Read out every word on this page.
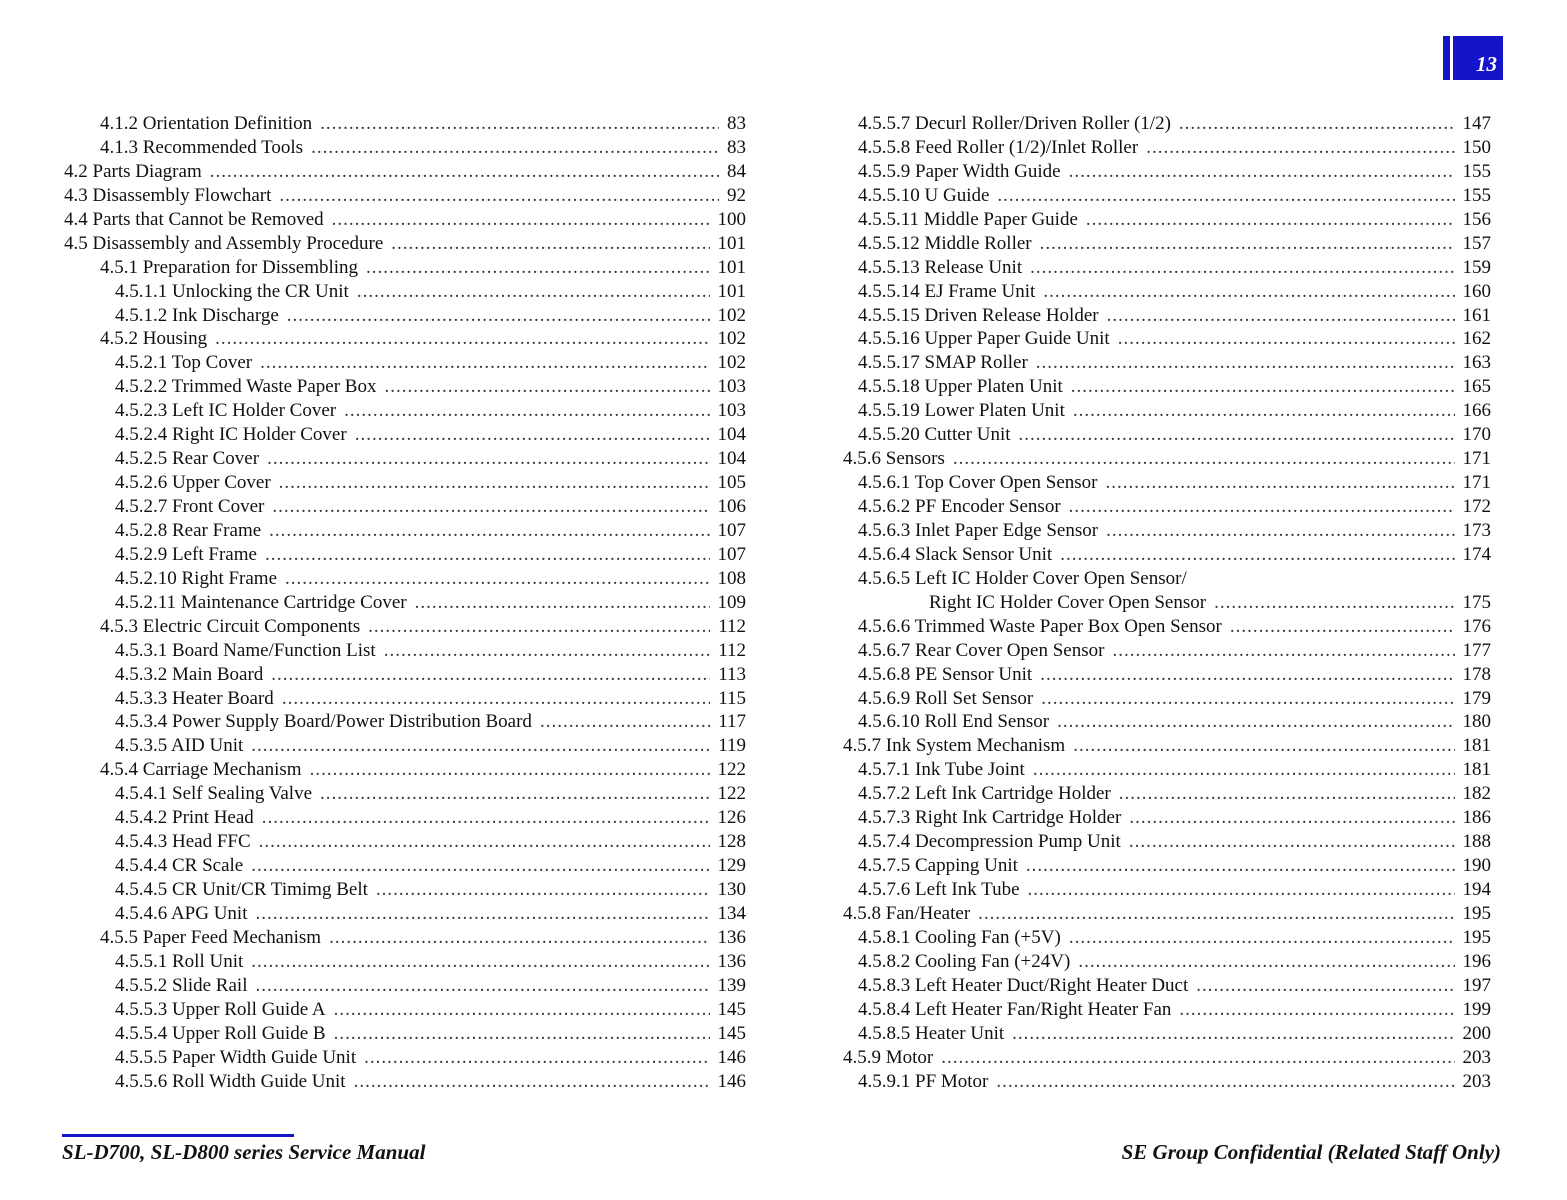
13
4.1.2 Orientation Definition .....	83
4.1.3 Recommended Tools .....	83
4.2 Parts Diagram .....	84
4.3 Disassembly Flowchart .....	92
4.4 Parts that Cannot be Removed .....	100
4.5 Disassembly and Assembly Procedure .....	101
4.5.1 Preparation for Dissembling .....	101
4.5.1.1 Unlocking the CR Unit .....	101
4.5.1.2 Ink Discharge .....	102
4.5.2 Housing .....	102
4.5.2.1 Top Cover .....	102
4.5.2.2 Trimmed Waste Paper Box .....	103
4.5.2.3 Left IC Holder Cover .....	103
4.5.2.4 Right IC Holder Cover .....	104
4.5.2.5 Rear Cover .....	104
4.5.2.6 Upper Cover .....	105
4.5.2.7 Front Cover .....	106
4.5.2.8 Rear Frame .....	107
4.5.2.9 Left Frame .....	107
4.5.2.10 Right Frame .....	108
4.5.2.11 Maintenance Cartridge Cover .....	109
4.5.3 Electric Circuit Components .....	112
4.5.3.1 Board Name/Function List .....	112
4.5.3.2 Main Board .....	113
4.5.3.3 Heater Board .....	115
4.5.3.4 Power Supply Board/Power Distribution Board .....	117
4.5.3.5 AID Unit .....	119
4.5.4 Carriage Mechanism .....	122
4.5.4.1 Self Sealing Valve .....	122
4.5.4.2 Print Head .....	126
4.5.4.3 Head FFC .....	128
4.5.4.4 CR Scale .....	129
4.5.4.5 CR Unit/CR Timimg Belt .....	130
4.5.4.6 APG Unit .....	134
4.5.5 Paper Feed Mechanism .....	136
4.5.5.1 Roll Unit .....	136
4.5.5.2 Slide Rail .....	139
4.5.5.3 Upper Roll Guide A .....	145
4.5.5.4 Upper Roll Guide B .....	145
4.5.5.5 Paper Width Guide Unit .....	146
4.5.5.6 Roll Width Guide Unit .....	146
4.5.5.7 Decurl Roller/Driven Roller (1/2) .....	147
4.5.5.8 Feed Roller (1/2)/Inlet Roller .....	150
4.5.5.9 Paper Width Guide .....	155
4.5.5.10 U Guide .....	155
4.5.5.11 Middle Paper Guide .....	156
4.5.5.12 Middle Roller .....	157
4.5.5.13 Release Unit .....	159
4.5.5.14 EJ Frame Unit .....	160
4.5.5.15 Driven Release Holder .....	161
4.5.5.16 Upper Paper Guide Unit .....	162
4.5.5.17 SMAP Roller .....	163
4.5.5.18 Upper Platen Unit .....	165
4.5.5.19 Lower Platen Unit .....	166
4.5.5.20 Cutter Unit .....	170
4.5.6 Sensors .....	171
4.5.6.1 Top Cover Open Sensor .....	171
4.5.6.2 PF Encoder Sensor .....	172
4.5.6.3 Inlet Paper Edge Sensor .....	173
4.5.6.4 Slack Sensor Unit .....	174
4.5.6.5 Left IC Holder Cover Open Sensor/
Right IC Holder Cover Open Sensor .....	175
4.5.6.6 Trimmed Waste Paper Box Open Sensor .....	176
4.5.6.7 Rear Cover Open Sensor .....	177
4.5.6.8 PE Sensor Unit .....	178
4.5.6.9 Roll Set Sensor .....	179
4.5.6.10 Roll End Sensor .....	180
4.5.7 Ink System Mechanism .....	181
4.5.7.1 Ink Tube Joint .....	181
4.5.7.2 Left Ink Cartridge Holder .....	182
4.5.7.3 Right Ink Cartridge Holder .....	186
4.5.7.4 Decompression Pump Unit .....	188
4.5.7.5 Capping Unit .....	190
4.5.7.6 Left Ink Tube .....	194
4.5.8 Fan/Heater .....	195
4.5.8.1 Cooling Fan (+5V) .....	195
4.5.8.2 Cooling Fan (+24V) .....	196
4.5.8.3 Left Heater Duct/Right Heater Duct .....	197
4.5.8.4 Left Heater Fan/Right Heater Fan .....	199
4.5.8.5 Heater Unit .....	200
4.5.9 Motor .....	203
4.5.9.1 PF Motor .....	203
SL-D700, SL-D800 series Service Manual	SE Group Confidential (Related Staff Only)
